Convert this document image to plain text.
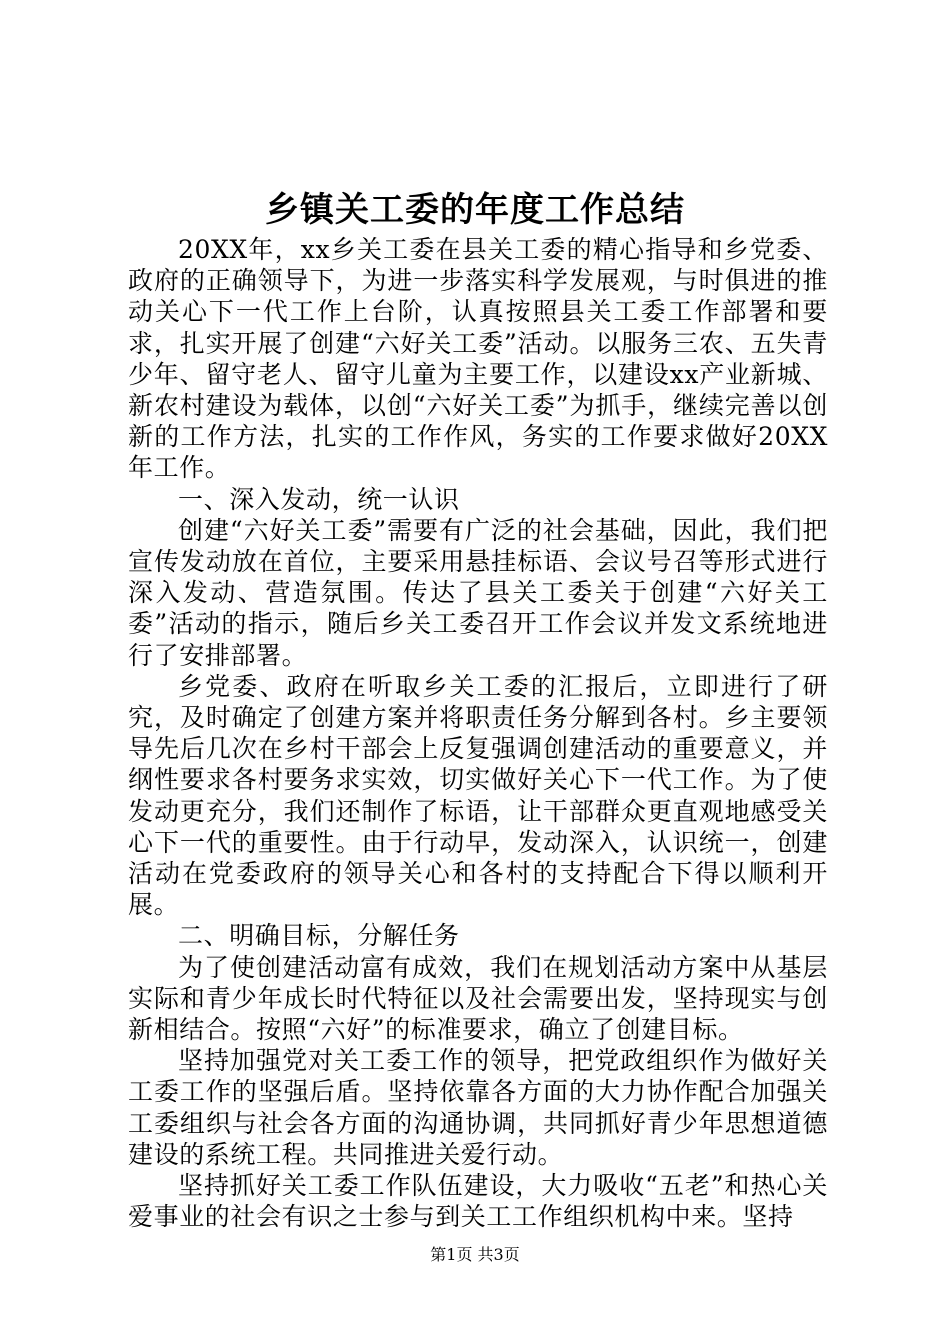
乡镇关工委的年度工作总结

20XX年，xx乡关工委在县关工委的精心指导和乡党委、政府的正确领导下，为进一步落实科学发展观，与时俱进的推动关心下一代工作上台阶，认真按照县关工委工作部署和要求，扎实开展了创建“六好关工委”活动。以服务三农、五失青少年、留守老人、留守儿童为主要工作，以建设xx产业新城、新农村建设为载体，以创“六好关工委”为抓手，继续完善以创新的工作方法，扎实的工作作风，务实的工作要求做好20XX年工作。

一、深入发动，统一认识

创建“六好关工委”需要有广泛的社会基础，因此，我们把宣传发动放在首位，主要采用悬挂标语、会议号召等形式进行深入发动、营造氛围。传达了县关工委关于创建“六好关工委”活动的指示，随后乡关工委召开工作会议并发文系统地进行了安排部署。

乡党委、政府在听取乡关工委的汇报后，立即进行了研究，及时确定了创建方案并将职责任务分解到各村。乡主要领导先后几次在乡村干部会上反复强调创建活动的重要意义，并纲性要求各村要务求实效，切实做好关心下一代工作。为了使发动更充分，我们还制作了标语，让干部群众更直观地感受关心下一代的重要性。由于行动早，发动深入，认识统一，创建活动在党委政府的领导关心和各村的支持配合下得以顺利开展。

二、明确目标，分解任务

为了使创建活动富有成效，我们在规划活动方案中从基层实际和青少年成长时代特征以及社会需要出发，坚持现实与创新相结合。按照“六好”的标准要求，确立了创建目标。

坚持加强党对关工委工作的领导，把党政组织作为做好关工委工作的坚强后盾。坚持依靠各方面的大力协作配合加强关工委组织与社会各方面的沟通协调，共同抓好青少年思想道德建设的系统工程。共同推进关爱行动。

坚持抓好关工委工作队伍建设，大力吸收“五老”和热心关爱事业的社会有识之士参与到关工工作组织机构中来。坚持

第1页 共3页
